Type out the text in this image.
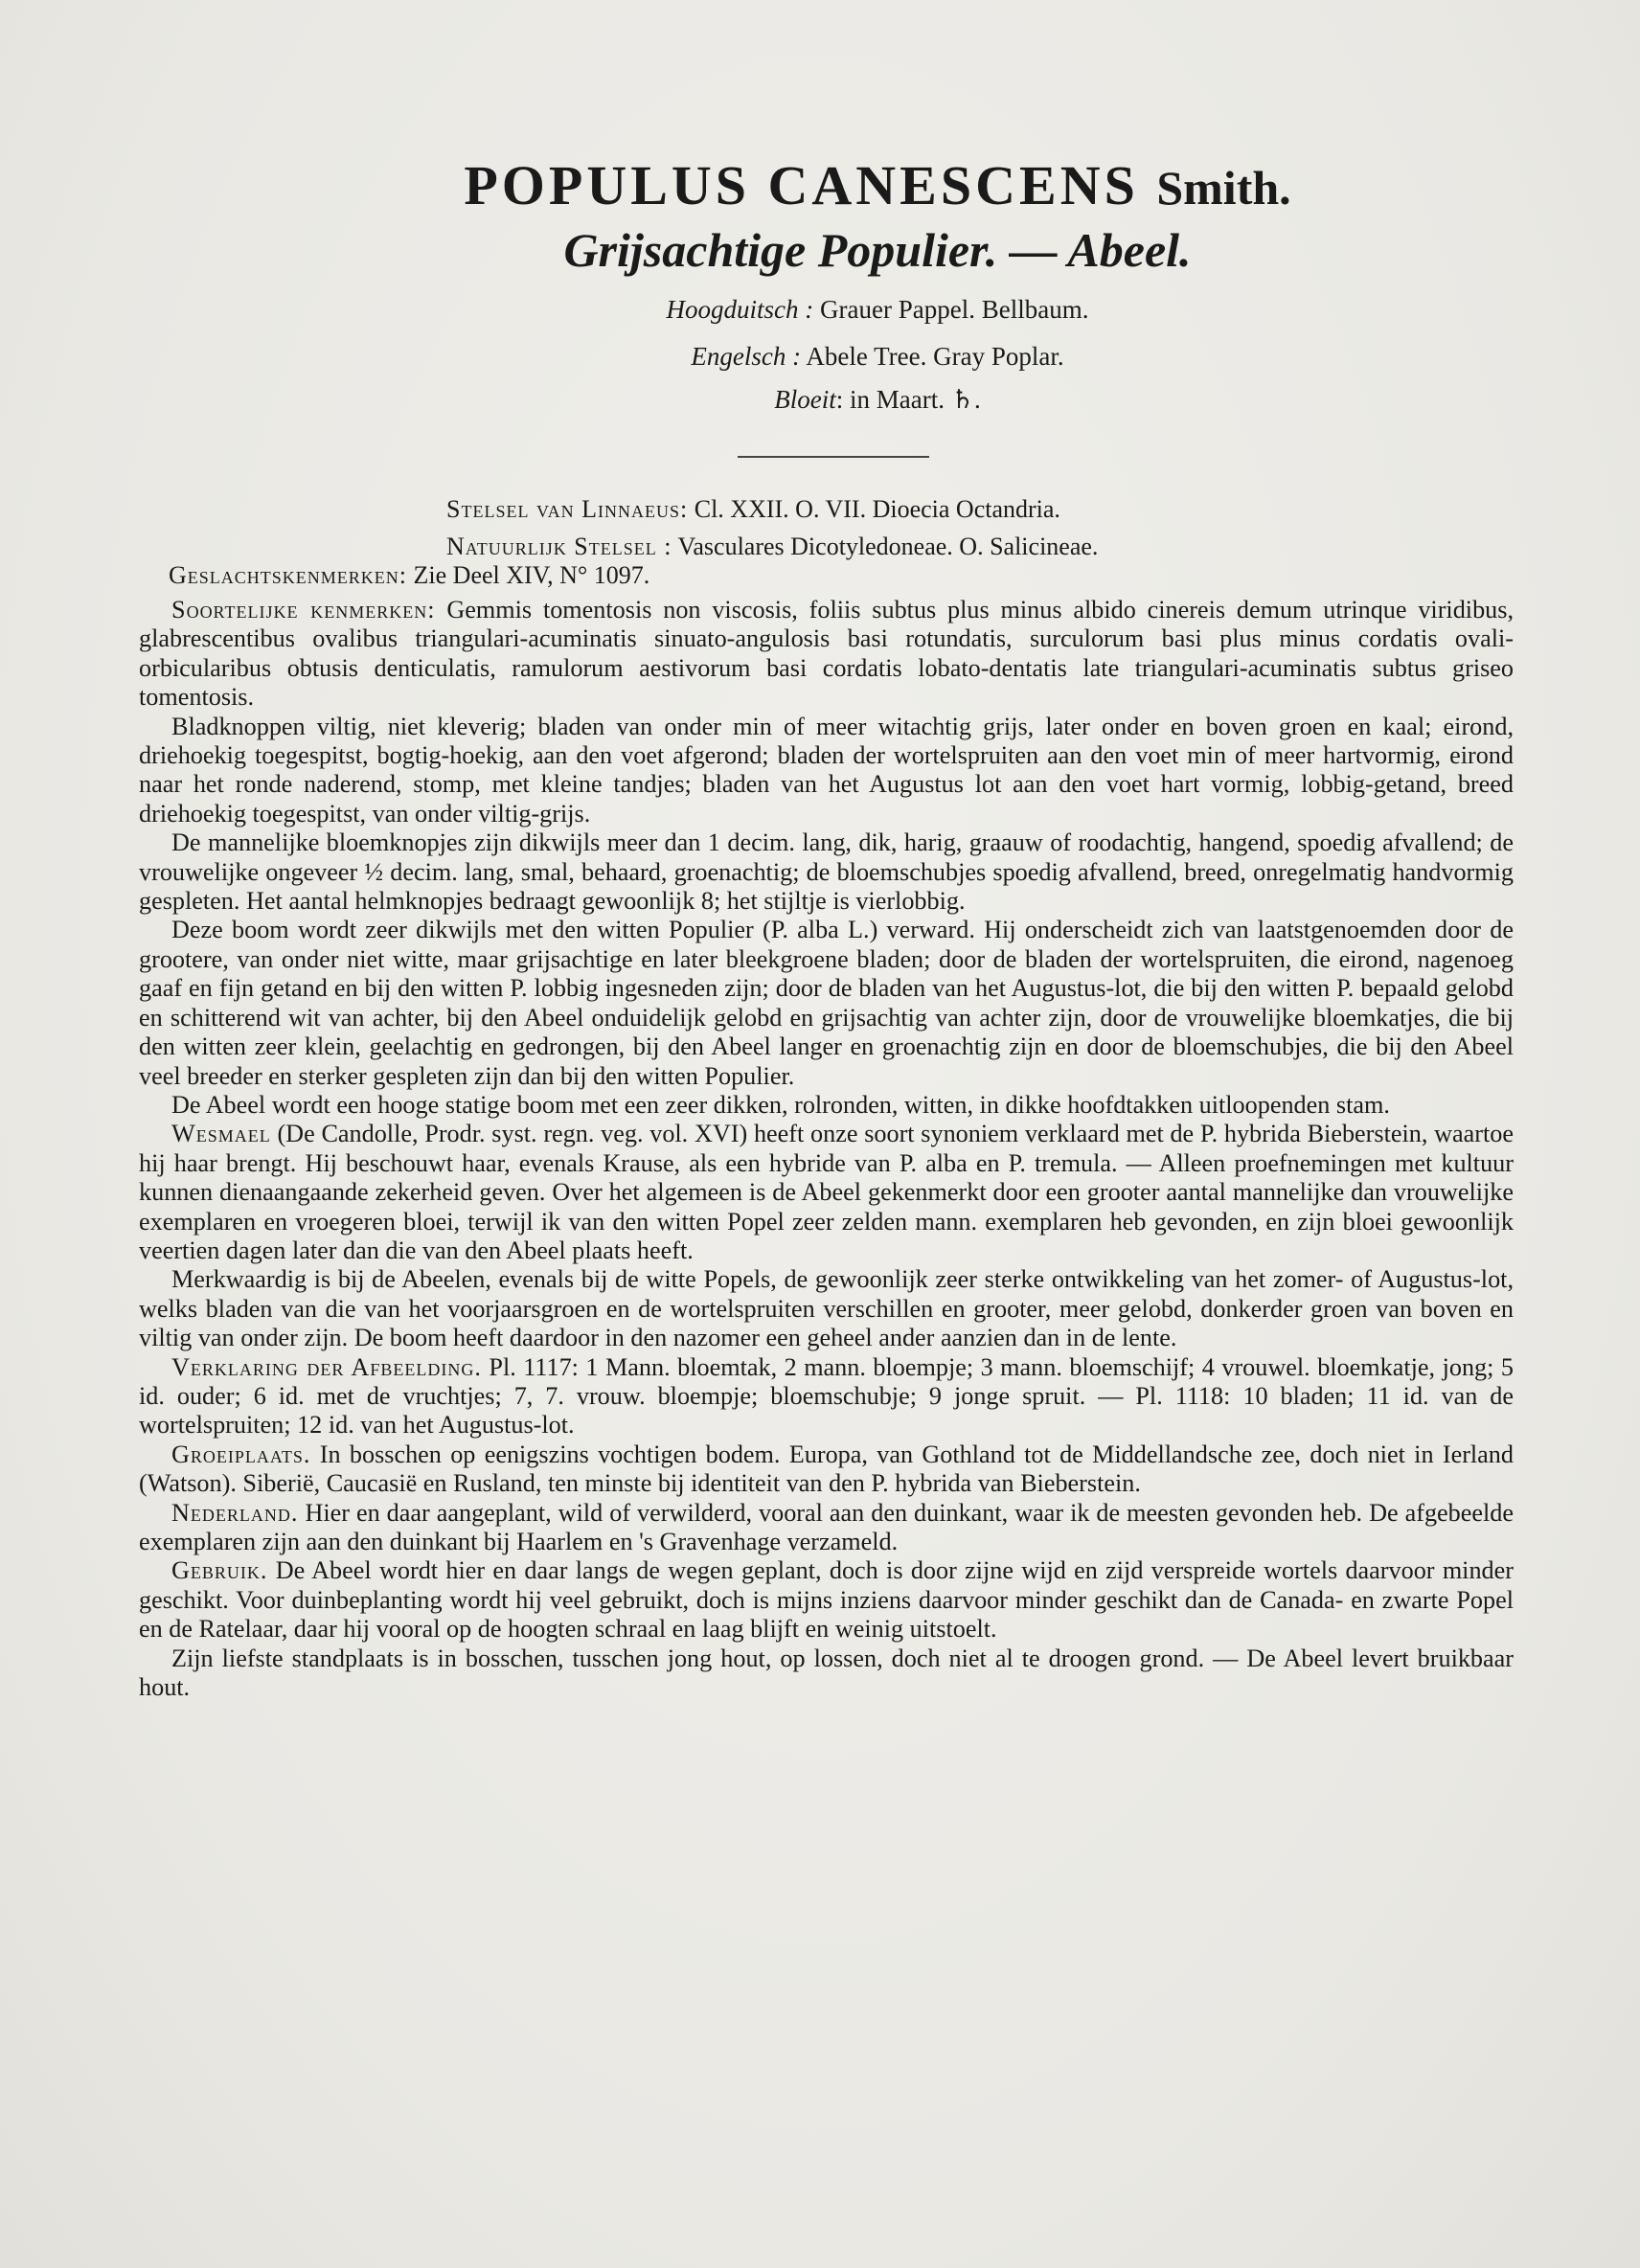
POPULUS CANESCENS Smith.
Grijsachtige Populier. — Abeel.
Hoogduitsch : Grauer Pappel. Bellbaum.
Engelsch : Abele Tree. Gray Poplar.
Bloeit: in Maart. ♄.
Stelsel van Linnaeus: Cl. XXII. O. VII. Dioecia Octandria.
Natuurlijk Stelsel : Vasculares Dicotyledoneae. O. Salicineae.
Geslachtskenmerken: Zie Deel XIV, N° 1097.

Soortelijke kenmerken: Gemmis tomentosis non viscosis, foliis subtus plus minus albido cinereis demum utrinque viridibus, glabrescentibus ovalibus triangulari-acuminatis sinuato-angulosis basi rotundatis, surculorum basi plus minus cordatis ovali-orbicularibus obtusis denticulatis, ramulorum aestivorum basi cordatis lobato-dentatis late triangulari-acuminatis subtus griseo tomentosis.

Bladknoppen viltig, niet kleverig; bladen van onder min of meer witachtig grijs, later onder en boven groen en kaal; eirond, driehoekig toegespitst, bogtig-hoekig, aan den voet afgerond; bladen der wortelspruiten aan den voet min of meer hartvormig, eirond naar het ronde naderend, stomp, met kleine tandjes; bladen van het Augustus lot aan den voet hart vormig, lobbig-getand, breed driehoekig toegespitst, van onder viltig-grijs.

De mannelijke bloemknopjes zijn dikwijls meer dan 1 decim. lang, dik, harig, graauw of roodachtig, hangend, spoedig afvallend; de vrouwelijke ongeveer ½ decim. lang, smal, behaard, groenachtig; de bloemschubjes spoedig afvallend, breed, onregelmatig handvormig gespleten. Het aantal helmknopjes bedraagt gewoonlijk 8; het stijltje is vierlobbig.

Deze boom wordt zeer dikwijls met den witten Populier (P. alba L.) verward. Hij onderscheidt zich van laatstgenoemden door de grootere, van onder niet witte, maar grijsachtige en later bleekgroene bladen; door de bladen der wortelspruiten, die eirond, nagenoeg gaaf en fijn getand en bij den witten P. lobbig ingesneden zijn; door de bladen van het Augustus-lot, die bij den witten P. bepaald gelobd en schitterend wit van achter, bij den Abeel onduidelijk gelobd en grijsachtig van achter zijn, door de vrouwelijke bloemkatjes, die bij den witten zeer klein, geelachtig en gedrongen, bij den Abeel langer en groenachtig zijn en door de bloemschubjes, die bij den Abeel veel breeder en sterker gespleten zijn dan bij den witten Populier.

De Abeel wordt een hooge statige boom met een zeer dikken, rolronden, witten, in dikke hoofdtakken uitloopenden stam.

Wesmael (De Candolle, Prodr. syst. regn. veg. vol. XVI) heeft onze soort synoniem verklaard met de P. hybrida Bieberstein, waartoe hij haar brengt. Hij beschouwt haar, evenals Krause, als een hybride van P. alba en P. tremula. — Alleen proefnemingen met kultuur kunnen dienaangaande zekerheid geven. Over het algemeen is de Abeel gekenmerkt door een grooter aantal mannelijke dan vrouwelijke exemplaren en vroegeren bloei, terwijl ik van den witten Popel zeer zelden mann. exemplaren heb gevonden, en zijn bloei gewoonlijk veertien dagen later dan die van den Abeel plaats heeft.

Merkwaardig is bij de Abeelen, evenals bij de witte Popels, de gewoonlijk zeer sterke ontwikkeling van het zomer- of Augustus-lot, welks bladen van die van het voorjaarsgroen en de wortelspruiten verschillen en grooter, meer gelobd, donkerder groen van boven en viltig van onder zijn. De boom heeft daardoor in den nazomer een geheel ander aanzien dan in de lente.

Verklaring der Afbeelding. Pl. 1117: 1 Mann. bloemtak, 2 mann. bloempje; 3 mann. bloemschijf; 4 vrouwel. bloemkatje, jong; 5 id. ouder; 6 id. met de vruchtjes; 7, 7. vrouw. bloempje; bloemschubje; 9 jonge spruit. — Pl. 1118: 10 bladen; 11 id. van de wortelspruiten; 12 id. van het Augustus-lot.

Groeiplaats. In bosschen op eenigszins vochtigen bodem. Europa, van Gothland tot de Middellandsche zee, doch niet in Ierland (Watson). Siberië, Caucasië en Rusland, ten minste bij identiteit van den P. hybrida van Bieberstein.

Nederland. Hier en daar aangeplant, wild of verwilderd, vooral aan den duinkant, waar ik de meesten gevonden heb. De afgebeelde exemplaren zijn aan den duinkant bij Haarlem en 's Gravenhage verzameld.

Gebruik. De Abeel wordt hier en daar langs de wegen geplant, doch is door zijne wijd en zijd verspreide wortels daarvoor minder geschikt. Voor duinbeplanting wordt hij veel gebruikt, doch is mijns inziens daarvoor minder geschikt dan de Canada- en zwarte Popel en de Ratelaar, daar hij vooral op de hoogten schraal en laag blijft en weinig uitstoelt.

Zijn liefste standplaats is in bosschen, tusschen jong hout, op lossen, doch niet al te droogen grond. — De Abeel levert bruikbaar hout.
